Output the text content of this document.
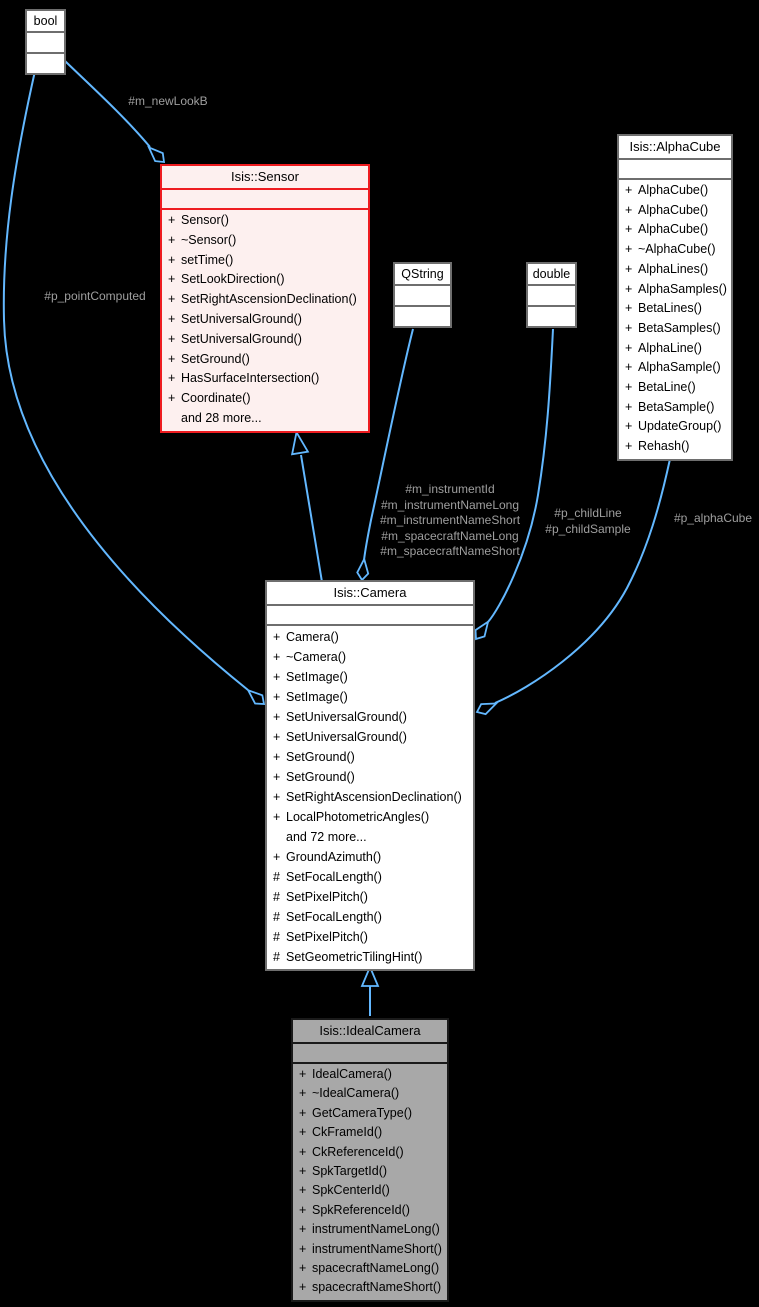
#m_newLookB
#p_pointComputed
#m_instrumentId
#m_instrumentNameLong
#m_instrumentNameShort
#m_spacecraftNameLong
#m_spacecraftNameShort
#p_childLine
#p_childSample
#p_alphaCube
bool
Isis::Sensor
+ Sensor()
+ ~Sensor()
+ setTime()
+ SetLookDirection()
+ SetRightAscensionDeclination()
+ SetUniversalGround()
+ SetUniversalGround()
+ SetGround()
+ HasSurfaceIntersection()
+ Coordinate()
and 28 more...
QString	double
Isis::AlphaCube
+ AlphaCube()
+ AlphaCube()
+ AlphaCube()
+ ~AlphaCube()
+ AlphaLines()
+ AlphaSamples()
+ BetaLines()
+ BetaSamples()
+ AlphaLine()
+ AlphaSample()
+ BetaLine()
+ BetaSample()
+ UpdateGroup()
+ Rehash()
Isis::Camera
+ Camera()
+ ~Camera()
+ SetImage()
+ SetImage()
+ SetUniversalGround()
+ SetUniversalGround()
+ SetGround()
+ SetGround()
+ SetRightAscensionDeclination()
+ LocalPhotometricAngles()
and 72 more...
+ GroundAzimuth()
# SetFocalLength()
# SetPixelPitch()
# SetFocalLength()
# SetPixelPitch()
# SetGeometricTilingHint()
Isis::IdealCamera
+ IdealCamera()
+ ~IdealCamera()
+ GetCameraType()
+ CkFrameId()
+ CkReferenceId()
+ SpkTargetId()
+ SpkCenterId()
+ SpkReferenceId()
+ instrumentNameLong()
+ instrumentNameShort()
+ spacecraftNameLong()
+ spacecraftNameShort()
